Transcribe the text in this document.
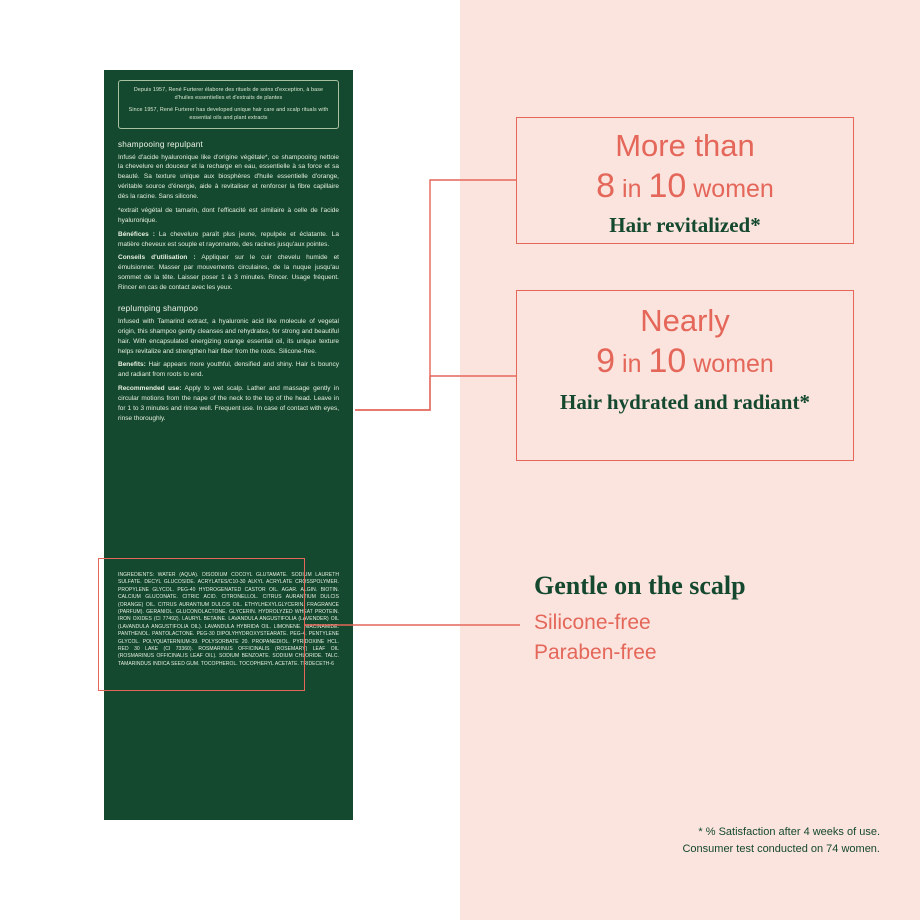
Depuis 1957, René Furterer élabore des rituels de soins d'exception, à base d'huiles essentielles et d'extraits de plantes
Since 1957, René Furterer has developed unique hair care and scalp rituals with essential oils and plant extracts
shampooing repulpant

Infusé d'acide hyaluronique like d'origine végétale*, ce shampooing nettoie la chevelure en douceur et la recharge en eau, essentielle à sa force et sa beauté. Sa texture unique aux biosphères d'huile essentielle d'orange, véritable source d'énergie, aide à revitaliser et renforcer la fibre capillaire dès la racine. Sans silicone.

*extrait végétal de tamarin, dont l'efficacité est similaire à celle de l'acide hyaluronique.

Bénéfices : La chevelure paraît plus jeune, repulpée et éclatante. La matière cheveux est souple et rayonnante, des racines jusqu'aux pointes.

Conseils d'utilisation : Appliquer sur le cuir chevelu humide et émulsionner. Masser par mouvements circulaires, de la nuque jusqu'au sommet de la tête. Laisser poser 1 à 3 minutes. Rincer. Usage fréquent. Rincer en cas de contact avec les yeux.

replumping shampoo

Infused with Tamarind extract, a hyaluronic acid like molecule of vegetal origin, this shampoo gently cleanses and rehydrates, for strong and beautiful hair. With encapsulated energizing orange essential oil, its unique texture helps revitalize and strengthen hair fiber from the roots. Silicone-free.

Benefits: Hair appears more youthful, densified and shiny. Hair is bouncy and radiant from roots to end.

Recommended use: Apply to wet scalp. Lather and massage gently in circular motions from the nape of the neck to the top of the head. Leave in for 1 to 3 minutes and rinse well. Frequent use. In case of contact with eyes, rinse thoroughly.

INGREDIENTS: WATER (AQUA). DISODIUM COCOYL GLUTAMATE. SODIUM LAURETH SULFATE. DECYL GLUCOSIDE. ACRYLATES/C10-30 ALKYL ACRYLATE CROSSPOLYMER. PROPYLENE GLYCOL. PEG-40 HYDROGENATED CASTOR OIL. AGAR. ALGIN. BIOTIN. CALCIUM GLUCONATE. CITRIC ACID. CITRONELLOL. CITRUS AURANTIUM DULCIS (ORANGE) OIL. CITRUS AURANTIUM DULCIS OIL. ETHYLHEXYLGLYCERIN. FRAGRANCE (PARFUM). GERANIOL. GLUCONOLACTONE. GLYCERIN. HYDROLYZED WHEAT PROTEIN. IRON OXIDES (CI 77492). LAURYL BETAINE. LAVANDULA ANGUSTIFOLIA (LAVENDER) OIL (LAVANDULA ANGUSTIFOLIA OIL). LAVANDULA HYBRIDA OIL. LIMONENE. NIACINAMIDE. PANTHENOL. PANTOLACTONE. PEG-30 DIPOLYHYDROXYSTEARATE. PEG-4. PENTYLENE GLYCOL. POLYQUATERNIUM-39. POLYSORBATE 20. PROPANEDIOL. PYRIDOXINE HCL. RED 30 LAKE (CI 73360). ROSMARINUS OFFICINALIS (ROSEMARY) LEAF OIL (ROSMARINUS OFFICINALIS LEAF OIL). SODIUM BENZOATE. SODIUM CHLORIDE. TALC. TAMARINDUS INDICA SEED GUM. TOCOPHEROL. TOCOPHERYL ACETATE. TRIDECETH-6

More than
8 in 10 women
Hair revitalized*
Nearly
9 in 10 women
Hair hydrated and radiant*
Gentle on the scalp
Silicone-free
Paraben-free
* % Satisfaction after 4 weeks of use.
Consumer test conducted on 74 women.
